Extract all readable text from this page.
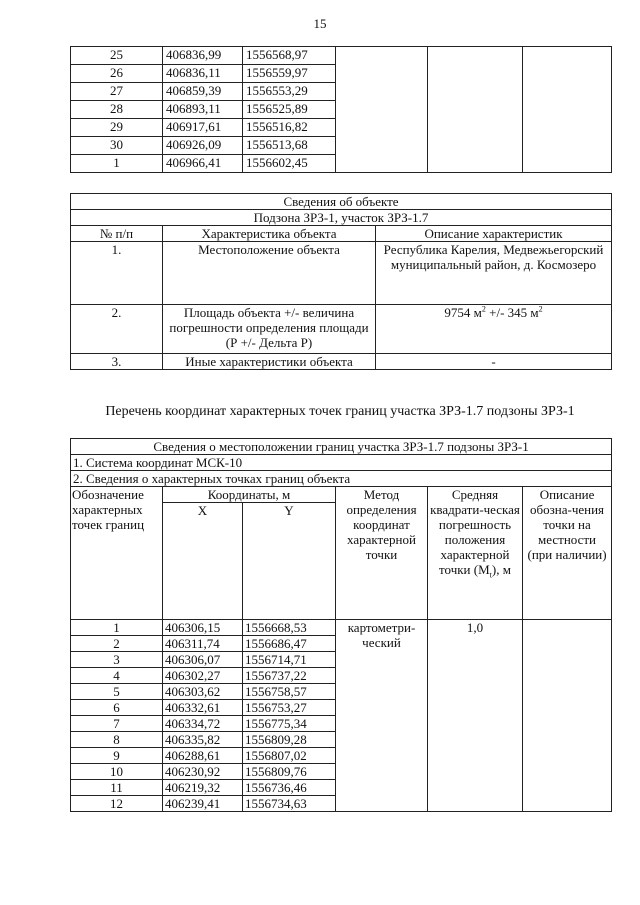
15
25	406836,99	1556568,97			
26	406836,11	1556559,97			
27	406859,39	1556553,29			
28	406893,11	1556525,89			
29	406917,61	1556516,82			
30	406926,09	1556513,68			
1	406966,41	1556602,45			
Сведения об объекте		
Подзона ЗРЗ-1, участок ЗРЗ-1.7		
№ п/п	Характеристика объекта	Описание характеристик
1.	Местоположение объекта	Республика Карелия, Медвежьегорский муниципальный район, д. Космозеро
2.	Площадь объекта +/- величина погрешности определения площади (Р +/- Дельта Р)	9754 $м^2$ +/- 345 $м^2$
3.	Иные характеристики объекта	-
Перечень координат характерных точек границ участка ЗРЗ-1.7 подзоны ЗРЗ-1
Сведения о местоположении границ участка ЗРЗ-1.7 подзоны ЗРЗ-1					
1. Система координат МСК-10					
2. Сведения о характерных точках границ объекта					
Обозначение характерных точек границ	Координаты, м		Метод определения координат характерной точки	Средняя квадрати-ческая погрешность положения характерной точки $(M_t)$, м	Описание обозна-чения точки на местности (при наличии)
	X	Y			
1	406306,15	1556668,53	картометри-ческий	1,0	
2	406311,74	1556686,47			
3	406306,07	1556714,71			
4	406302,27	1556737,22			
5	406303,62	1556758,57			
6	406332,61	1556753,27			
7	406334,72	1556775,34			
8	406335,82	1556809,28			
9	406288,61	1556807,02			
10	406230,92	1556809,76			
11	406219,32	1556736,46			
12	406239,41	1556734,63			
